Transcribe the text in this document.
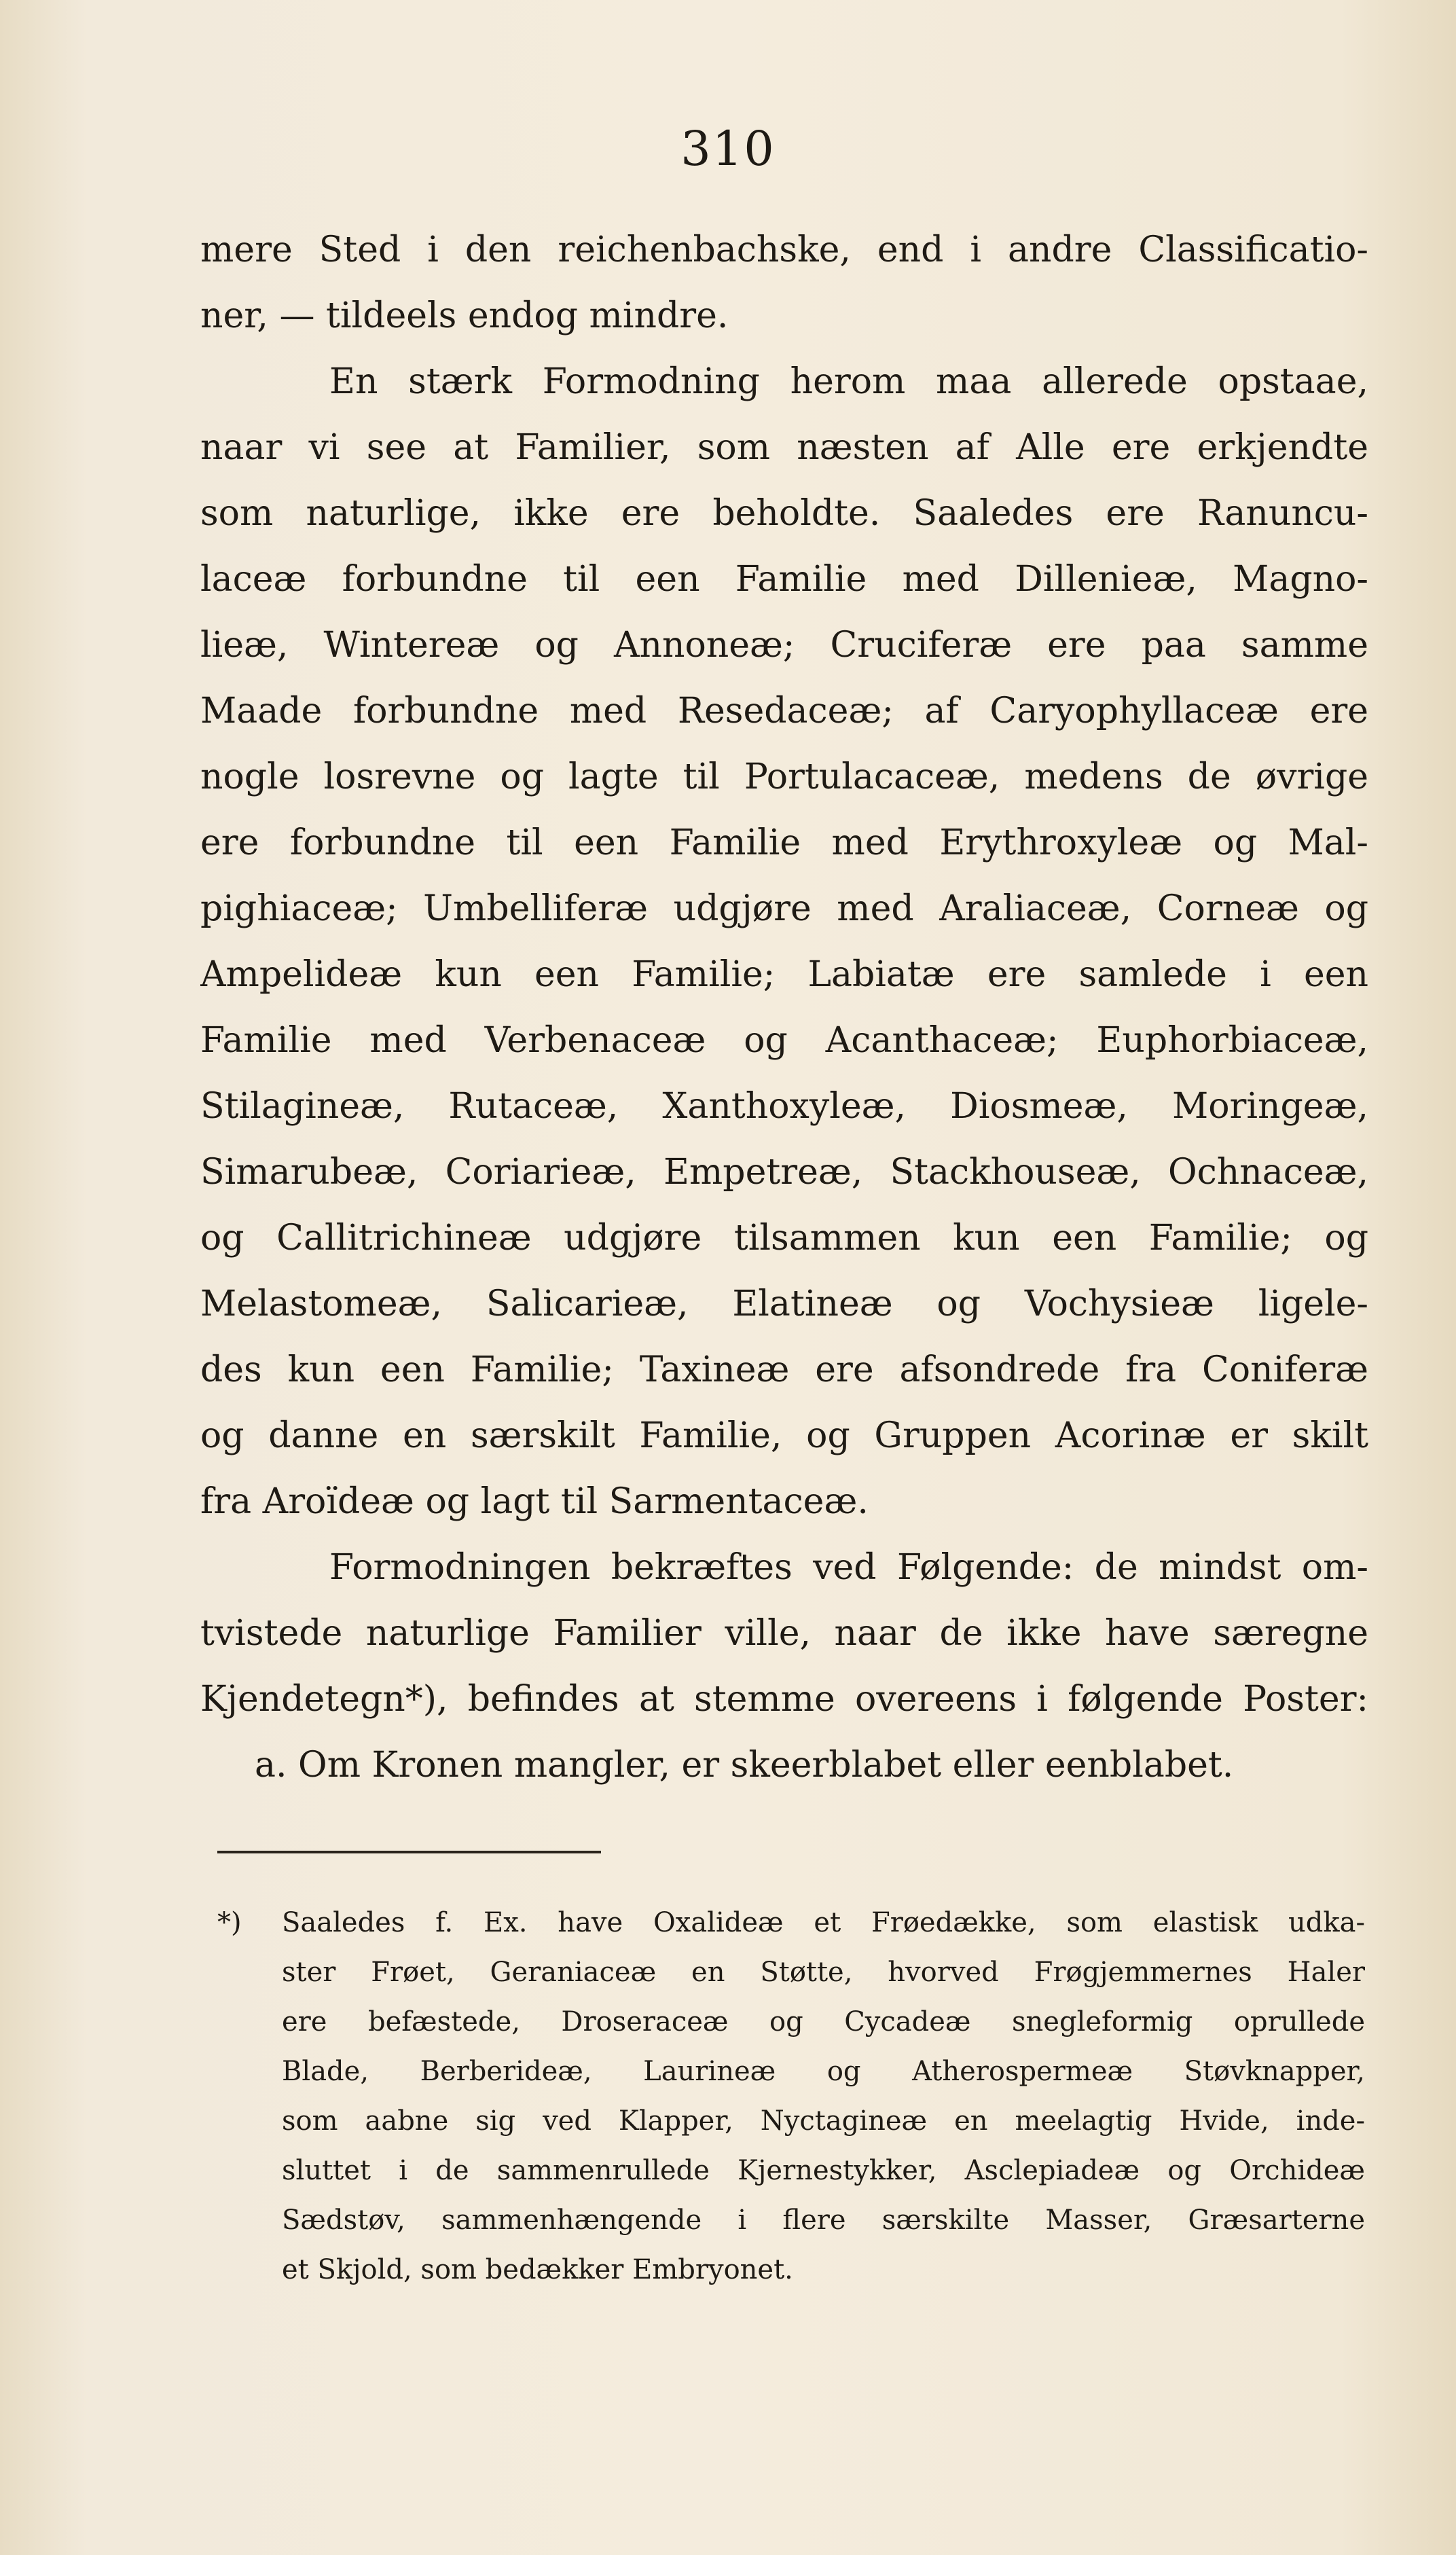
310
mere Sted i den reichenbachske, end i andre Classificatio-
ner, — tildeels endog mindre.
En stærk Formodning herom maa allerede opstaae,
naar vi see at Familier, som næsten af Alle ere erkjendte
som naturlige, ikke ere beholdte. Saaledes ere Ranuncu-
laceæ forbundne til een Familie med Dilleniеæ, Magno-
lieæ, Wintereæ og Annoneæ; Cruciferæ ere paa samme
Maade forbundne med Resedaceæ; af Caryophyllaceæ ere
nogle losrevne og lagte til Portulacaceæ, medens de øvrige
ere forbundne til een Familie med Erythroxyleæ og Mal-
pighiaceæ; Umbelliferæ udgjøre med Araliaceæ, Corneæ og
Ampelideæ kun een Familie; Labiatæ ere samlede i een
Familie med Verbenaceæ og Acanthaceæ; Euphorbiaceæ,
Stilagineæ, Rutaceæ, Xanthoxyleæ, Diosmeæ, Moringeæ,
Simarubeæ, Coriarieæ, Empetreæ, Stackhouseæ, Ochnaceæ,
og Callitrichineæ udgjøre tilsammen kun een Familie; og
Melastomeæ, Salicarieæ, Elatineæ og Vochysieæ ligele-
des kun een Familie; Taxineæ ere afsondrede fra Coniferæ
og danne en særskilt Familie, og Gruppen Acorinæ er skilt
fra Aroïdeæ og lagt til Sarmentaceæ.
Formodningen bekræftes ved Følgende: de mindst om-
tvistede naturlige Familier ville, naar de ikke have særegne
Kjendetegn*), befindes at stemme overeens i følgende Poster:
a. Om Kronen mangler, er skeerblabet eller eenblabet.
*) Saaledes f. Ex. have Oxalideæ et Frøedække, som elastisk udka-
ster Frøet, Geraniaceæ en Støtte, hvorved Frøgjemmernes Haler
ere befæstede, Droseraceæ og Cycadeæ snegleformig oprullede
Blade, Berberideæ, Laurineæ og Atherospermeæ Støvknapper,
som aabne sig ved Klapper, Nyctagineæ en meelagtig Hvide, inde-
sluttet i de sammenrullede Kjernestykker, Asclepiadeæ og Orchideæ
Sædstøv, sammenhængende i flere særskilte Masser, Græsarterne
et Skjold, som bedækker Embryonet.
